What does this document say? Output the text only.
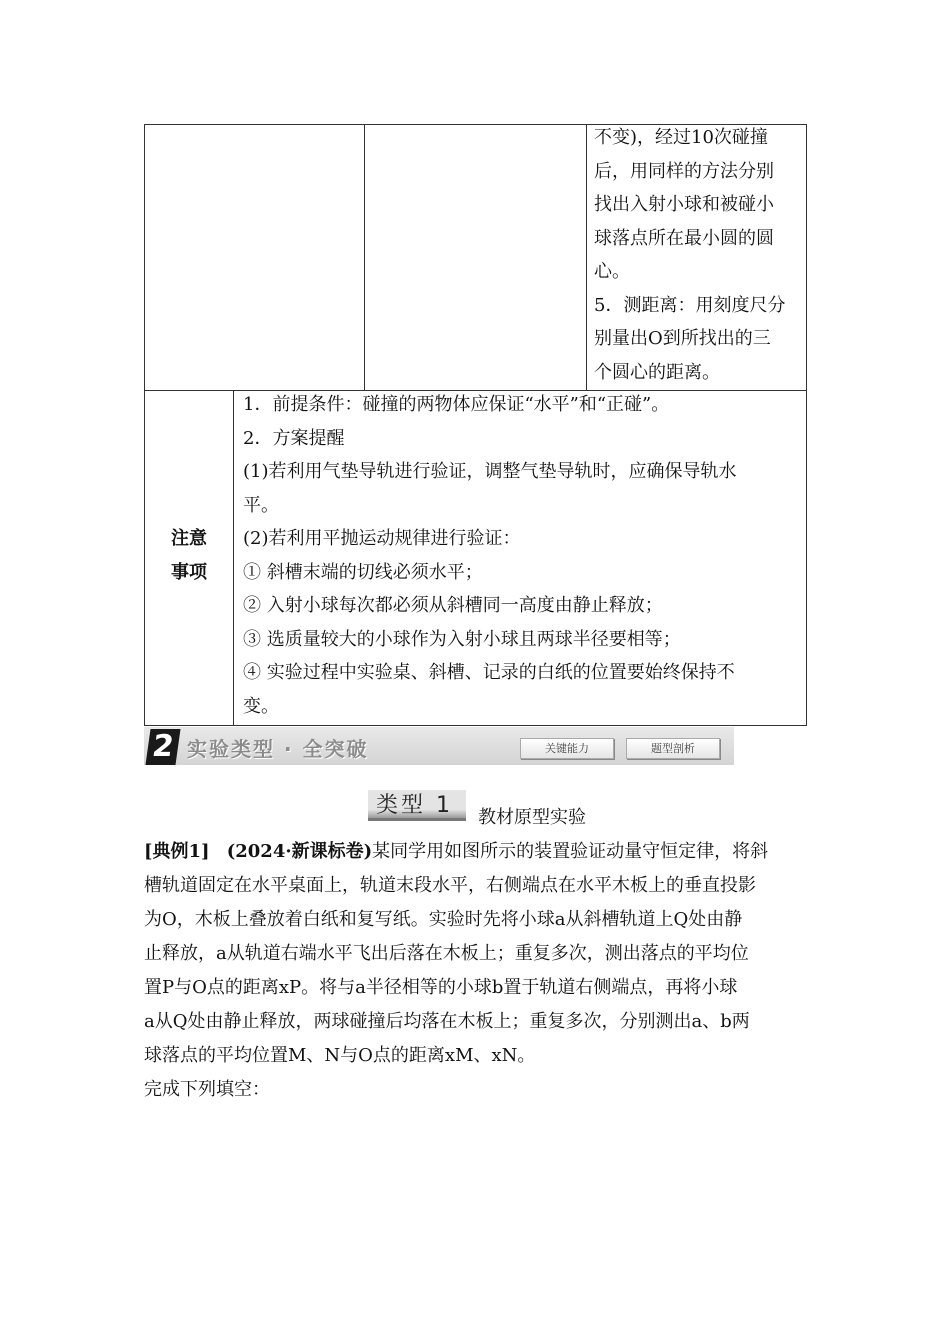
不变)，经过10次碰撞
后，用同样的方法分别
找出入射小球和被碰小
球落点所在最小圆的圆
心。
5．测距离：用刻度尺分
别量出O到所找出的三
个圆心的距离。
注意
事项
1．前提条件：碰撞的两物体应保证“水平”和“正碰”。
2．方案提醒
(1)若利用气垫导轨进行验证，调整气垫导轨时，应确保导轨水
平。
(2)若利用平抛运动规律进行验证：
① 斜槽末端的切线必须水平；
② 入射小球每次都必须从斜槽同一高度由静止释放；
③ 选质量较大的小球作为入射小球且两球半径要相等；
④ 实验过程中实验桌、斜槽、记录的白纸的位置要始终保持不
变。
2 实验类型 · 全突破	关键能力	题型剖析
类型 1 教材原型实验
[典例1] (2024·新课标卷)某同学用如图所示的装置验证动量守恒定律，将斜
槽轨道固定在水平桌面上，轨道末段水平，右侧端点在水平木板上的垂直投影
为O，木板上叠放着白纸和复写纸。实验时先将小球a从斜槽轨道上Q处由静
止释放，a从轨道右端水平飞出后落在木板上；重复多次，测出落点的平均位
置P与O点的距离xP。将与a半径相等的小球b置于轨道右侧端点，再将小球
a从Q处由静止释放，两球碰撞后均落在木板上；重复多次，分别测出a、b两
球落点的平均位置M、N与O点的距离xM、xN。
完成下列填空：
